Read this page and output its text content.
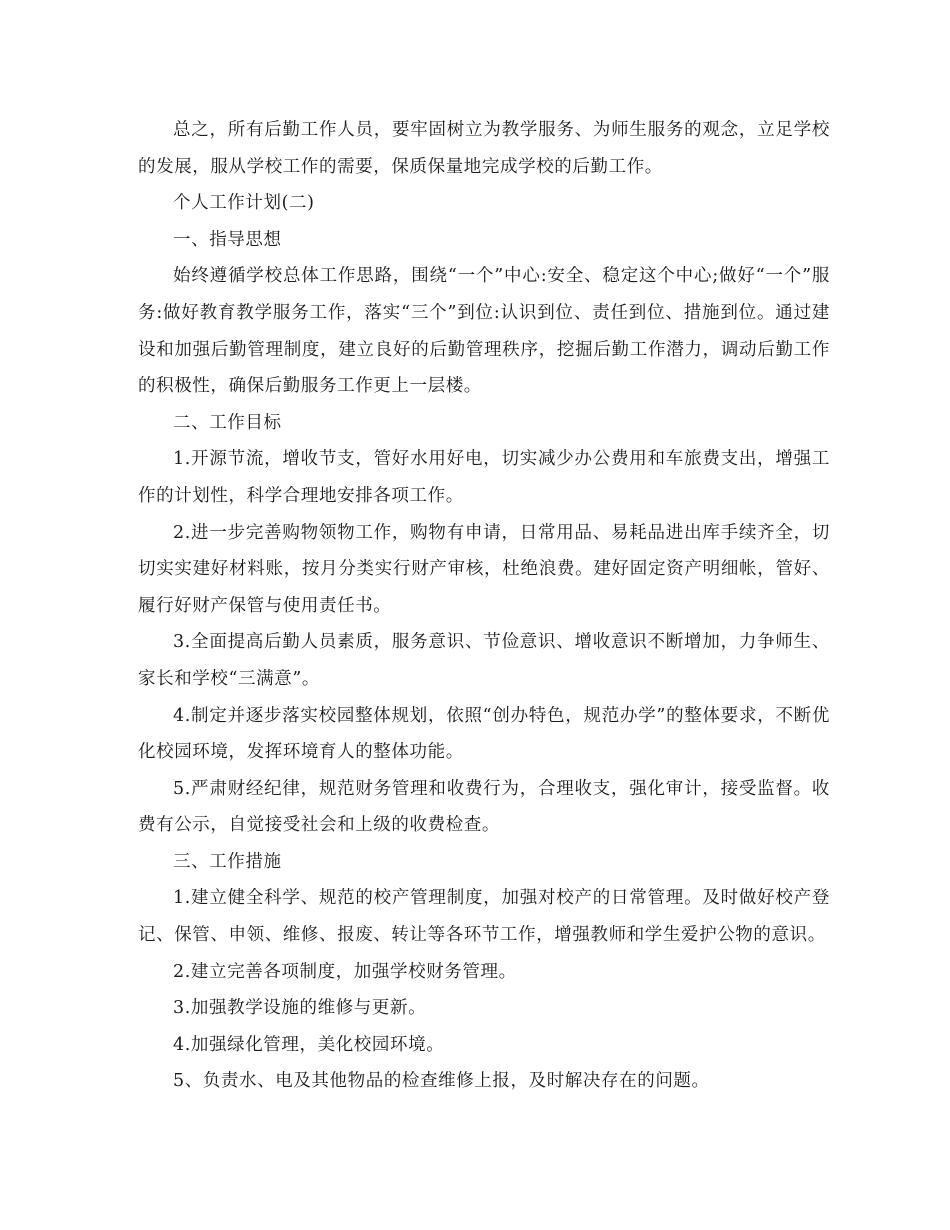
总之，所有后勤工作人员，要牢固树立为教学服务、为师生服务的观念，立足学校的发展，服从学校工作的需要，保质保量地完成学校的后勤工作。

个人工作计划(二)

一、指导思想

始终遵循学校总体工作思路，围绕“一个”中心:安全、稳定这个中心;做好“一个”服务:做好教育教学服务工作，落实“三个”到位:认识到位、责任到位、措施到位。通过建设和加强后勤管理制度，建立良好的后勤管理秩序，挖掘后勤工作潜力，调动后勤工作的积极性，确保后勤服务工作更上一层楼。

二、工作目标

1.开源节流，增收节支，管好水用好电，切实减少办公费用和车旅费支出，增强工作的计划性，科学合理地安排各项工作。

2.进一步完善购物领物工作，购物有申请，日常用品、易耗品进出库手续齐全，切切实实建好材料账，按月分类实行财产审核，杜绝浪费。建好固定资产明细帐，管好、履行好财产保管与使用责任书。

3.全面提高后勤人员素质，服务意识、节俭意识、增收意识不断增加，力争师生、家长和学校“三满意”。

4.制定并逐步落实校园整体规划，依照“创办特色，规范办学”的整体要求，不断优化校园环境，发挥环境育人的整体功能。

5.严肃财经纪律，规范财务管理和收费行为，合理收支，强化审计，接受监督。收费有公示，自觉接受社会和上级的收费检查。

三、工作措施

1.建立健全科学、规范的校产管理制度，加强对校产的日常管理。及时做好校产登记、保管、申领、维修、报废、转让等各环节工作，增强教师和学生爱护公物的意识。

2.建立完善各项制度，加强学校财务管理。

3.加强教学设施的维修与更新。

4.加强绿化管理，美化校园环境。

5、负责水、电及其他物品的检查维修上报，及时解决存在的问题。
